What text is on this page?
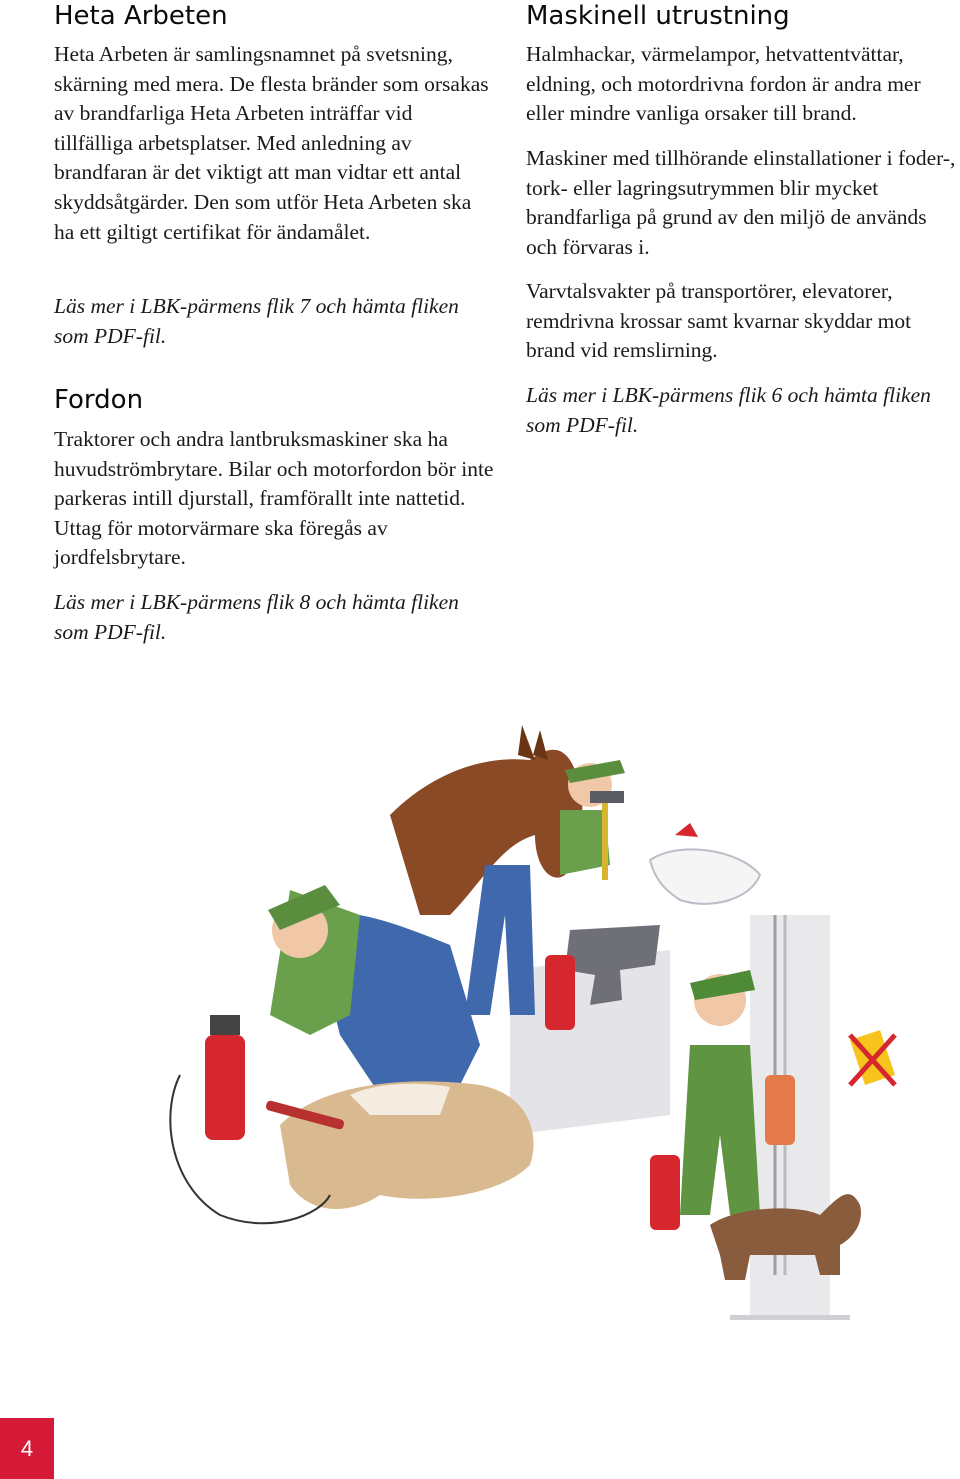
Heta Arbeten

Heta Arbeten är samlingsnamnet på svetsning, skärning med mera. De flesta bränder som orsakas av brandfarliga Heta Arbeten inträffar vid tillfälliga arbetsplatser. Med anledning av brandfaran är det viktigt att man vidtar ett antal skyddsåtgärder. Den som utför Heta Arbeten ska ha ett giltigt certifikat för ändamålet.

Läs mer i LBK-pärmens flik 7 och hämta fliken som PDF-fil.

Fordon

Traktorer och andra lantbruksmaskiner ska ha huvudströmbrytare. Bilar och motorfordon bör inte parkeras intill djurstall, framförallt inte nattetid. Uttag för motorvärmare ska föregås av jordfelsbrytare.

Läs mer i LBK-pärmens flik 8 och hämta fliken som PDF-fil.

Maskinell utrustning

Halmhackar, värmelampor, hetvattentvättar, eldning, och motordrivna fordon är andra mer eller mindre vanliga orsaker till brand.

Maskiner med tillhörande elinstallationer i foder-, tork- eller lagringsutrymmen blir mycket brandfarliga på grund av den miljö de används och förvaras i.

Varvtalsvakter på transportörer, elevatorer, remdrivna krossar samt kvarnar skyddar mot brand vid remslirning.

Läs mer i LBK-pärmens flik 6 och hämta fliken som PDF-fil.

4
